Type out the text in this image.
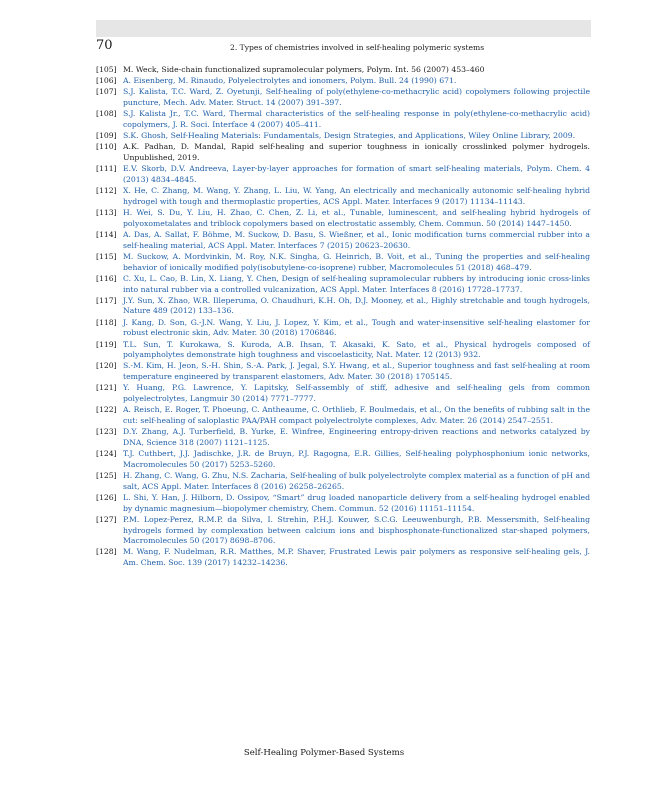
70	2. Types of chemistries involved in self-healing polymeric systems
[105] M. Weck, Side-chain functionalized supramolecular polymers, Polym. Int. 56 (2007) 453–460
[106] A. Eisenberg, M. Rinaudo, Polyelectrolytes and ionomers, Polym. Bull. 24 (1990) 671.
[107] S.J. Kalista, T.C. Ward, Z. Oyetunji, Self-healing of poly(ethylene-co-methacrylic acid) copolymers following projectile puncture, Mech. Adv. Mater. Struct. 14 (2007) 391–397.
[108] S.J. Kalista Jr., T.C. Ward, Thermal characteristics of the self-healing response in poly(ethylene-co-methacrylic acid) copolymers, J. R. Soci. Interface 4 (2007) 405–411.
[109] S.K. Ghosh, Self-Healing Materials: Fundamentals, Design Strategies, and Applications, Wiley Online Library, 2009.
[110] A.K. Padhan, D. Mandal, Rapid self-healing and superior toughness in ionically crosslinked polymer hydrogels. Unpublished, 2019.
[111] E.V. Skorb, D.V. Andreeva, Layer-by-layer approaches for formation of smart self-healing materials, Polym. Chem. 4 (2013) 4834–4845.
[112] X. He, C. Zhang, M. Wang, Y. Zhang, L. Liu, W. Yang, An electrically and mechanically autonomic self-healing hybrid hydrogel with tough and thermoplastic properties, ACS Appl. Mater. Interfaces 9 (2017) 11134–11143.
[113] H. Wei, S. Du, Y. Liu, H. Zhao, C. Chen, Z. Li, et al., Tunable, luminescent, and self-healing hybrid hydrogels of polyoxometalates and triblock copolymers based on electrostatic assembly, Chem. Commun. 50 (2014) 1447–1450.
[114] A. Das, A. Sallat, F. Böhme, M. Suckow, D. Basu, S. Wießner, et al., Ionic modification turns commercial rubber into a self-healing material, ACS Appl. Mater. Interfaces 7 (2015) 20623–20630.
[115] M. Suckow, A. Mordvinkin, M. Roy, N.K. Singha, G. Heinrich, B. Voit, et al., Tuning the properties and self-healing behavior of ionically modified poly(isobutylene-co-isoprene) rubber, Macromolecules 51 (2018) 468–479.
[116] C. Xu, L. Cao, B. Lin, X. Liang, Y. Chen, Design of self-healing supramolecular rubbers by introducing ionic cross-links into natural rubber via a controlled vulcanization, ACS Appl. Mater. Interfaces 8 (2016) 17728–17737.
[117] J.Y. Sun, X. Zhao, W.R. Illeperuma, O. Chaudhuri, K.H. Oh, D.J. Mooney, et al., Highly stretchable and tough hydrogels, Nature 489 (2012) 133–136.
[118] J. Kang, D. Son, G.-J.N. Wang, Y. Liu, J. Lopez, Y. Kim, et al., Tough and water-insensitive self-healing elastomer for robust electronic skin, Adv. Mater. 30 (2018) 1706846.
[119] T.L. Sun, T. Kurokawa, S. Kuroda, A.B. Ihsan, T. Akasaki, K. Sato, et al., Physical hydrogels composed of polyampholytes demonstrate high toughness and viscoelasticity, Nat. Mater. 12 (2013) 932.
[120] S.-M. Kim, H. Jeon, S.-H. Shin, S.-A. Park, J. Jegal, S.Y. Hwang, et al., Superior toughness and fast self-healing at room temperature engineered by transparent elastomers, Adv. Mater. 30 (2018) 1705145.
[121] Y. Huang, P.G. Lawrence, Y. Lapitsky, Self-assembly of stiff, adhesive and self-healing gels from common polyelectrolytes, Langmuir 30 (2014) 7771–7777.
[122] A. Reisch, E. Roger, T. Phoeung, C. Antheaume, C. Orthlieb, F. Boulmedais, et al., On the benefits of rubbing salt in the cut: self-healing of saloplastic PAA/PAH compact polyelectrolyte complexes, Adv. Mater. 26 (2014) 2547–2551.
[123] D.Y. Zhang, A.J. Turberfield, B. Yurke, E. Winfree, Engineering entropy-driven reactions and networks catalyzed by DNA, Science 318 (2007) 1121–1125.
[124] T.J. Cuthbert, J.J. Jadischke, J.R. de Bruyn, P.J. Ragogna, E.R. Gillies, Self-healing polyphosphonium ionic networks, Macromolecules 50 (2017) 5253–5260.
[125] H. Zhang, C. Wang, G. Zhu, N.S. Zacharia, Self-healing of bulk polyelectrolyte complex material as a function of pH and salt, ACS Appl. Mater. Interfaces 8 (2016) 26258–26265.
[126] L. Shi, Y. Han, J. Hilborn, D. Ossipov, “Smart” drug loaded nanoparticle delivery from a self-healing hydrogel enabled by dynamic magnesium—biopolymer chemistry, Chem. Commun. 52 (2016) 11151–11154.
[127] P.M. Lopez-Perez, R.M.P. da Silva, I. Strehin, P.H.J. Kouwer, S.C.G. Leeuwenburgh, P.B. Messersmith, Self-healing hydrogels formed by complexation between calcium ions and bisphosphonate-functionalized star-shaped polymers, Macromolecules 50 (2017) 8698–8706.
[128] M. Wang, F. Nudelman, R.R. Matthes, M.P. Shaver, Frustrated Lewis pair polymers as responsive self-healing gels, J. Am. Chem. Soc. 139 (2017) 14232–14236.
Self-Healing Polymer-Based Systems
